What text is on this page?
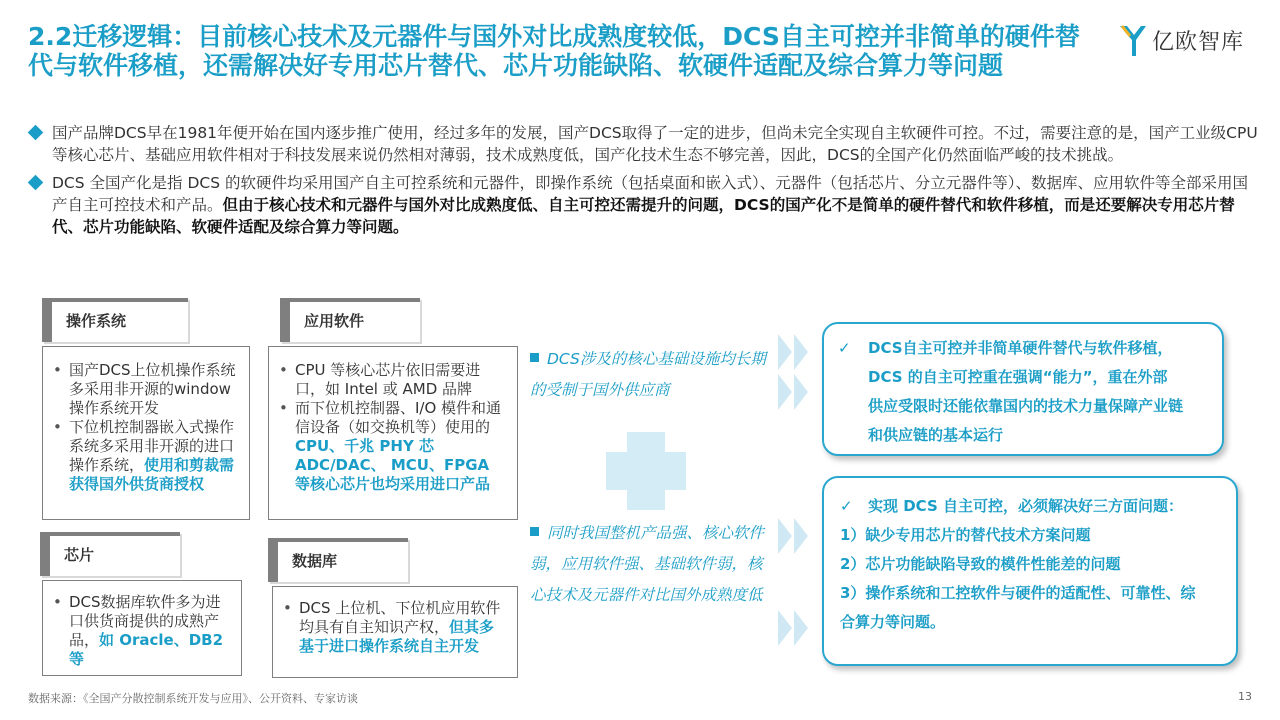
2.2迁移逻辑：目前核心技术及元器件与国外对比成熟度较低，DCS自主可控并非简单的硬件替代与软件移植，还需解决好专用芯片替代、芯片功能缺陷、软硬件适配及综合算力等问题
亿欧智库
国产品牌DCS早在1981年便开始在国内逐步推广使用，经过多年的发展，国产DCS取得了一定的进步，但尚未完全实现自主软硬件可控。不过，需要注意的是，国产工业级CPU等核心芯片、基础应用软件相对于科技发展来说仍然相对薄弱，技术成熟度低，国产化技术生态不够完善，因此，DCS的全国产化仍然面临严峻的技术挑战。
DCS 全国产化是指 DCS 的软硬件均采用国产自主可控系统和元器件，即操作系统（包括桌面和嵌入式）、元器件（包括芯片、分立元器件等）、数据库、应用软件等全部采用国产自主可控技术和产品。但由于核心技术和元器件与国外对比成熟度低、自主可控还需提升的问题，DCS的国产化不是简单的硬件替代和软件移植，而是还要解决专用芯片替代、芯片功能缺陷、软硬件适配及综合算力等问题。
• 国产DCS上位机操作系统多采用非开源的window操作系统开发
• 下位机控制器嵌入式操作系统多采用非开源的进口操作系统，使用和剪裁需获得国外供货商授权
操作系统
• CPU 等核心芯片依旧需要进口，如 Intel 或 AMD 品牌
• 而下位机控制器、I/O 模件和通信设备（如交换机等）使用的CPU、千兆 PHY 芯 ADC/DAC、 MCU、FPGA 等核心芯片也均采用进口产品
应用软件
• DCS数据库软件多为进口供货商提供的成熟产品，如 Oracle、DB2 等
芯片
• DCS 上位机、下位机应用软件均具有自主知识产权，但其多基于进口操作系统自主开发
数据库
DCS涉及的核心基础设施均长期的受制于国外供应商
同时我国整机产品强、核心软件弱，应用软件强、基础软件弱，核心技术及元器件对比国外成熟度低

✓ DCS自主可控并非简单硬件替代与软件移植，

DCS 的自主可控重在强调“能力”，重在外部

供应受限时还能依靠国内的技术力量保障产业链

和供应链的基本运行

✓ 实现 DCS 自主可控，必须解决好三方面问题：

1）缺少专用芯片的替代技术方案问题

2）芯片功能缺陷导致的模件性能差的问题

3）操作系统和工控软件与硬件的适配性、可靠性、综

合算力等问题。

数据来源：《全国产分散控制系统开发与应用》、公开资料、专家访谈	13
